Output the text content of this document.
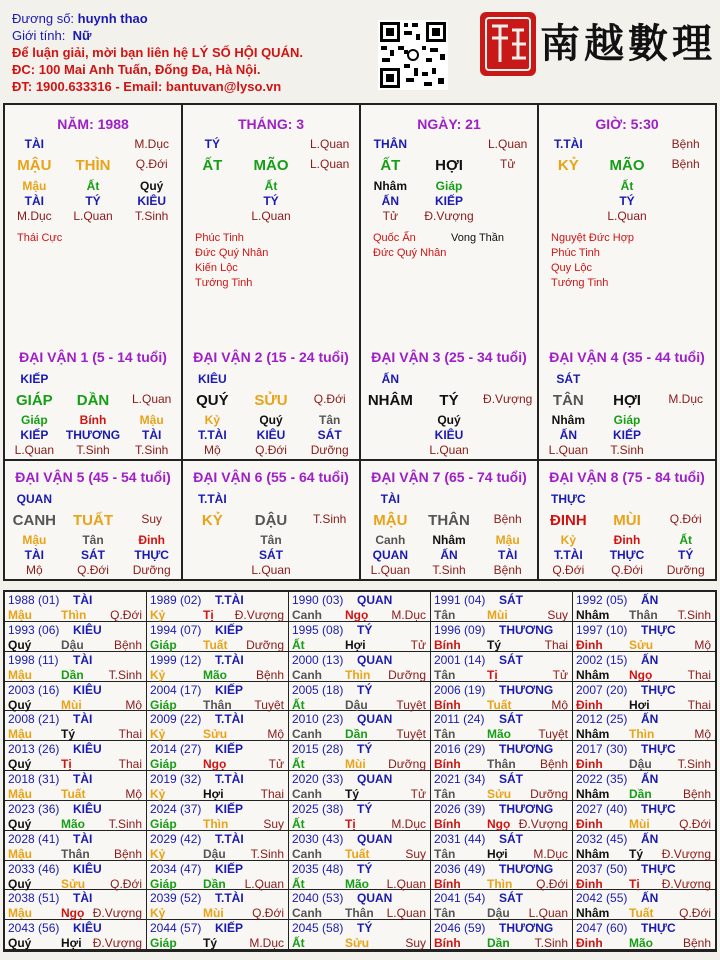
Đương số: huynh thao
Giới tính: Nữ
Để luận giải, mời bạn liên hệ LÝ SỐ HỘI QUÁN.
ĐC: 100 Mai Anh Tuấn, Đống Đa, Hà Nội.
ĐT: 1900.633316 - Email: bantuvan@lyso.vn
南越數理
NĂM: 1988
TÀI	M.Dục
MẬU	THÌN	Q.Đới
Mậu	Ất	Quý
TÀI	TÝ	KIÊU
M.Dục	L.Quan	T.Sinh
Thái Cực
THÁNG: 3
TÝ	L.Quan
ẤT	MÃO	L.Quan
Ất
TÝ
L.Quan
Phúc Tinh
Đức Quý Nhân
Kiến Lộc
Tướng Tinh
NGÀY: 21
THÂN	L.Quan
ẤT	HỢI	Tử
Nhâm	Giáp
ẤN	KIẾP
Tử	Đ.Vượng
Quốc Ấn	Vong Thần
Đức Quý Nhân
GIỜ: 5:30
T.TÀI	Bệnh
KỶ	MÃO	Bệnh
Ất
TÝ
L.Quan
Nguyệt Đức Hợp
Phúc Tinh
Quy Lộc
Tướng Tinh
ĐẠI VẬN 1 (5 - 14 tuổi)
KIẾP
GIÁP	DẦN	L.Quan
Giáp	Bính	Mậu
KIẾP	THƯƠNG	TÀI
L.Quan	T.Sinh	T.Sinh
ĐẠI VẬN 2 (15 - 24 tuổi)
KIÊU
QUÝ	SỬU	Q.Đới
Kỷ	Quý	Tân
T.TÀI	KIÊU	SÁT
Mộ	Q.Đới	Dưỡng
ĐẠI VẬN 3 (25 - 34 tuổi)
ẤN
NHÂM	TÝ	Đ.Vượng
Quý
KIÊU
L.Quan
ĐẠI VẬN 4 (35 - 44 tuổi)
SÁT
TÂN	HỢI	M.Dục
Nhâm	Giáp
ẤN	KIẾP
L.Quan	T.Sinh
ĐẠI VẬN 5 (45 - 54 tuổi)
QUAN
CANH	TUẤT	Suy
Mậu	Tân	Đinh
TÀI	SÁT	THỰC
Mộ	Q.Đới	Dưỡng
ĐẠI VẬN 6 (55 - 64 tuổi)
T.TÀI
KỶ	DẬU	T.Sinh
Tân
SÁT
L.Quan
ĐẠI VẬN 7 (65 - 74 tuổi)
TÀI
MẬU	THÂN	Bệnh
Canh	Nhâm	Mậu
QUAN	ẤN	TÀI
L.Quan	T.Sinh	Bệnh
ĐẠI VẬN 8 (75 - 84 tuổi)
THỰC
ĐINH	MÙI	Q.Đới
Kỷ	Đinh	Ất
T.TÀI	THỰC	TÝ
Q.Đới	Q.Đới	Dưỡng
1988 (01) TÀI
Mậu Thìn Q.Đới
1989 (02) T.TÀI
Kỷ	Tị Đ.Vượng
1990 (03) QUAN
Canh Ngọ M.Dục
1991 (04) SÁT
Tân	Mùi	Suy
1992 (05) ẤN
Nhâm Thân T.Sinh
1993 (06) KIÊU
Quý Dậu	Bệnh
1994 (07) KIẾP
Giáp Tuất Dưỡng
1995 (08) TÝ
Ất	Hợi	Tử
1996 (09) THƯƠNG
Bính Tý	Thai
1997 (10) THỰC
Đinh Sửu	Mộ
1998 (11) TÀI
Mậu Dần T.Sinh
1999 (12) T.TÀI
Kỷ	Mão Bệnh
2000 (13) QUAN
Canh Thìn Dưỡng
2001 (14) SÁT
Tân	Tị	Tử
2002 (15) ẤN
Nhâm Ngọ	Thai
2003 (16) KIÊU
Quý Mùi	Mộ
2004 (17) KIẾP
Giáp Thân Tuyệt
2005 (18) TÝ
Ất	Dậu Tuyệt
2006 (19) THƯƠNG
Bính Tuất	Mộ
2007 (20) THỰC
Đinh Hợi	Thai
2008 (21) TÀI
Mậu Tý	Thai
2009 (22) T.TÀI
Kỷ	Sửu	Mộ
2010 (23) QUAN
Canh Dần Tuyệt
2011 (24) SÁT
Tân	Mão Tuyệt
2012 (25) ẤN
Nhâm Thìn	Mộ
2013 (26) KIÊU
Quý Tị	Thai
2014 (27) KIẾP
Giáp Ngọ	Tử
2015 (28) TÝ
Ất	Mùi Dưỡng
2016 (29) THƯƠNG
Bính Thân Bệnh
2017 (30) THỰC
Đinh Dậu T.Sinh
2018 (31) TÀI
Mậu Tuất	Mộ
2019 (32) T.TÀI
Kỷ	Hợi	Thai
2020 (33) QUAN
Canh Tý	Tử
2021 (34) SÁT
Tân	Sửu Dưỡng
2022 (35) ẤN
Nhâm Dần	Bệnh
2023 (36) KIÊU
Quý Mão T.Sinh
2024 (37) KIẾP
Giáp Thìn	Suy
2025 (38) TÝ
Ất	Tị	M.Dục
2026 (39) THƯƠNG
Bính Ngọ Đ.Vượng
2027 (40) THỰC
Đinh Mùi Q.Đới
2028 (41) TÀI
Mậu Thân Bệnh
2029 (42) T.TÀI
Kỷ	Dậu T.Sinh
2030 (43) QUAN
Canh Tuất	Suy
2031 (44) SÁT
Tân	Hợi M.Dục
2032 (45) ẤN
Nhâm Tý Đ.Vượng
2033 (46) KIÊU
Quý Sửu Q.Đới
2034 (47) KIẾP
Giáp Dần L.Quan
2035 (48) TÝ
Ất	Mão L.Quan
2036 (49) THƯƠNG
Bính Thìn Q.Đới
2037 (50) THỰC
Đinh Tị Đ.Vượng
2038 (51) TÀI
Mậu Ngọ Đ.Vượng
2039 (52) T.TÀI
Kỷ	Mùi Q.Đới
2040 (53) QUAN
Canh Thân L.Quan
2041 (54) SÁT
Tân	Dậu L.Quan
2042 (55) ẤN
Nhâm Tuất Q.Đới
2043 (56) KIÊU
Quý Hợi Đ.Vượng
2044 (57) KIẾP
Giáp Tý	M.Dục
2045 (58) TÝ
Ất	Sửu	Suy
2046 (59) THƯƠNG
Bính Dần T.Sinh
2047 (60) THỰC
Đinh Mão Bệnh
